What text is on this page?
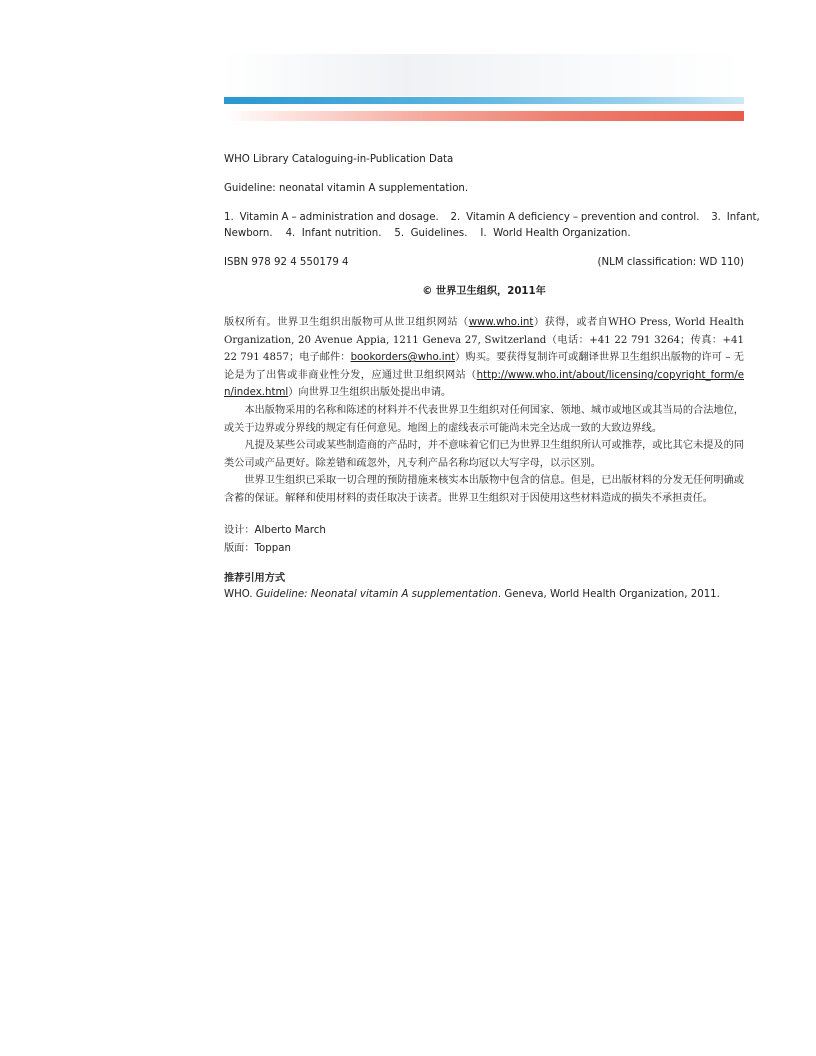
WHO Library Cataloguing-in-Publication Data
Guideline: neonatal vitamin A supplementation.
1.  Vitamin A – administration and dosage.    2.  Vitamin A deficiency – prevention and control.    3.  Infant,
Newborn.    4.  Infant nutrition.    5.  Guidelines.    I.  World Health Organization.
ISBN 978 92 4 550179 4	(NLM classification: WD 110)
© 世界卫生组织，2011年

版权所有。世界卫生组织出版物可从世卫组织网站（www.who.int）获得，或者自WHO Press, World Health Organization, 20 Avenue Appia, 1211 Geneva 27, Switzerland（电话：+41 22 791 3264；传真：+41 22 791 4857；电子邮件：bookorders@who.int）购买。要获得复制许可或翻译世界卫生组织出版物的许可 – 无论是为了出售或非商业性分发，应通过世卫组织网站（http://www.who.int/about/licensing/copyright_form/en/index.html）向世界卫生组织出版处提出申请。

本出版物采用的名称和陈述的材料并不代表世界卫生组织对任何国家、领地、城市或地区或其当局的合法地位，或关于边界或分界线的规定有任何意见。地图上的虚线表示可能尚未完全达成一致的大致边界线。

凡提及某些公司或某些制造商的产品时，并不意味着它们已为世界卫生组织所认可或推荐，或比其它未提及的同类公司或产品更好。除差错和疏忽外，凡专利产品名称均冠以大写字母，以示区别。

世界卫生组织已采取一切合理的预防措施来核实本出版物中包含的信息。但是，已出版材料的分发无任何明确或含蓄的保证。解释和使用材料的责任取决于读者。世界卫生组织对于因使用这些材料造成的损失不承担责任。

设计：Alberto March
版面：Toppan
推荐引用方式
WHO. Guideline: Neonatal vitamin A supplementation. Geneva, World Health Organization, 2011.
